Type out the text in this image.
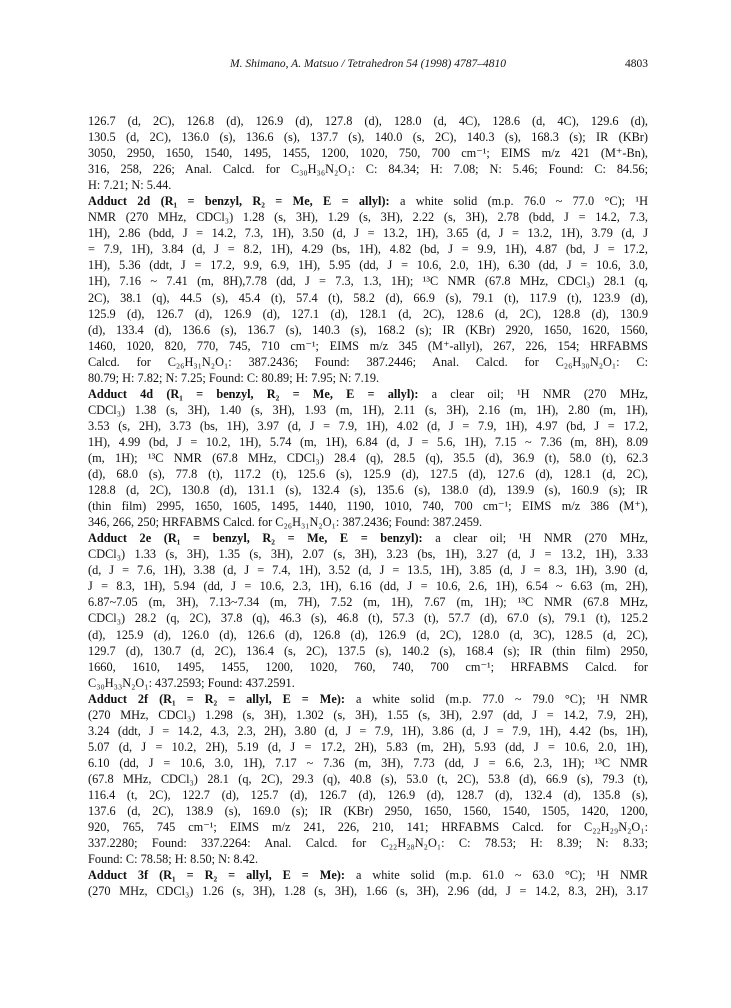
M. Shimano, A. Matsuo / Tetrahedron 54 (1998) 4787–4810	4803
126.7 (d, 2C), 126.8 (d), 126.9 (d), 127.8 (d), 128.0 (d, 4C), 128.6 (d, 4C), 129.6 (d),
130.5 (d, 2C), 136.0 (s), 136.6 (s), 137.7 (s), 140.0 (s, 2C), 140.3 (s), 168.3 (s); IR (KBr)
3050, 2950, 1650, 1540, 1495, 1455, 1200, 1020, 750, 700 cm⁻¹; EIMS m/z 421 (M⁺-Bn),
316, 258, 226; Anal. Calcd. for C₃₀H₃₆N₂O₁: C: 84.34; H: 7.08; N: 5.46; Found: C: 84.56;
H: 7.21; N: 5.44.
Adduct 2d (R₁ = benzyl, R₂ = Me, E = allyl): a white solid (m.p. 76.0 ~ 77.0 °C); ¹H
NMR (270 MHz, CDCl₃) 1.28 (s, 3H), 1.29 (s, 3H), 2.22 (s, 3H), 2.78 (bdd, J = 14.2, 7.3,
1H), 2.86 (bdd, J = 14.2, 7.3, 1H), 3.50 (d, J = 13.2, 1H), 3.65 (d, J = 13.2, 1H), 3.79 (d, J
= 7.9, 1H), 3.84 (d, J = 8.2, 1H), 4.29 (bs, 1H), 4.82 (bd, J = 9.9, 1H), 4.87 (bd, J = 17.2,
1H), 5.36 (ddt, J = 17.2, 9.9, 6.9, 1H), 5.95 (dd, J = 10.6, 2.0, 1H), 6.30 (dd, J = 10.6, 3.0,
1H), 7.16 ~ 7.41 (m, 8H),7.78 (dd, J = 7.3, 1.3, 1H); ¹³C NMR (67.8 MHz, CDCl₃) 28.1 (q,
2C), 38.1 (q), 44.5 (s), 45.4 (t), 57.4 (t), 58.2 (d), 66.9 (s), 79.1 (t), 117.9 (t), 123.9 (d),
125.9 (d), 126.7 (d), 126.9 (d), 127.1 (d), 128.1 (d, 2C), 128.6 (d, 2C), 128.8 (d), 130.9
(d), 133.4 (d), 136.6 (s), 136.7 (s), 140.3 (s), 168.2 (s); IR (KBr) 2920, 1650, 1620, 1560,
1460, 1020, 820, 770, 745, 710 cm⁻¹; EIMS m/z 345 (M⁺-allyl), 267, 226, 154; HRFABMS
Calcd. for C₂₆H₃₁N₂O₁: 387.2436; Found: 387.2446; Anal. Calcd. for C₂₆H₃₀N₂O₁: C:
80.79; H: 7.82; N: 7.25; Found: C: 80.89; H: 7.95; N: 7.19.
Adduct 4d (R₁ = benzyl, R₂ = Me, E = allyl): a clear oil; ¹H NMR (270 MHz,
CDCl₃) 1.38 (s, 3H), 1.40 (s, 3H), 1.93 (m, 1H), 2.11 (s, 3H), 2.16 (m, 1H), 2.80 (m, 1H),
3.53 (s, 2H), 3.73 (bs, 1H), 3.97 (d, J = 7.9, 1H), 4.02 (d, J = 7.9, 1H), 4.97 (bd, J = 17.2,
1H), 4.99 (bd, J = 10.2, 1H), 5.74 (m, 1H), 6.84 (d, J = 5.6, 1H), 7.15 ~ 7.36 (m, 8H), 8.09
(m, 1H); ¹³C NMR (67.8 MHz, CDCl₃) 28.4 (q), 28.5 (q), 35.5 (d), 36.9 (t), 58.0 (t), 62.3
(d), 68.0 (s), 77.8 (t), 117.2 (t), 125.6 (s), 125.9 (d), 127.5 (d), 127.6 (d), 128.1 (d, 2C),
128.8 (d, 2C), 130.8 (d), 131.1 (s), 132.4 (s), 135.6 (s), 138.0 (d), 139.9 (s), 160.9 (s); IR
(thin film) 2995, 1650, 1605, 1495, 1440, 1190, 1010, 740, 700 cm⁻¹; EIMS m/z 386 (M⁺),
346, 266, 250; HRFABMS Calcd. for C₂₆H₃₁N₂O₁: 387.2436; Found: 387.2459.
Adduct 2e (R₁ = benzyl, R₂ = Me, E = benzyl): a clear oil; ¹H NMR (270 MHz,
CDCl₃) 1.33 (s, 3H), 1.35 (s, 3H), 2.07 (s, 3H), 3.23 (bs, 1H), 3.27 (d, J = 13.2, 1H), 3.33
(d, J = 7.6, 1H), 3.38 (d, J = 7.4, 1H), 3.52 (d, J = 13.5, 1H), 3.85 (d, J = 8.3, 1H), 3.90 (d,
J = 8.3, 1H), 5.94 (dd, J = 10.6, 2.3, 1H), 6.16 (dd, J = 10.6, 2.6, 1H), 6.54 ~ 6.63 (m, 2H),
6.87~7.05 (m, 3H), 7.13~7.34 (m, 7H), 7.52 (m, 1H), 7.67 (m, 1H); ¹³C NMR (67.8 MHz,
CDCl₃) 28.2 (q, 2C), 37.8 (q), 46.3 (s), 46.8 (t), 57.3 (t), 57.7 (d), 67.0 (s), 79.1 (t), 125.2
(d), 125.9 (d), 126.0 (d), 126.6 (d), 126.8 (d), 126.9 (d, 2C), 128.0 (d, 3C), 128.5 (d, 2C),
129.7 (d), 130.7 (d, 2C), 136.4 (s, 2C), 137.5 (s), 140.2 (s), 168.4 (s); IR (thin film) 2950,
1660, 1610, 1495, 1455, 1200, 1020, 760, 740, 700 cm⁻¹; HRFABMS Calcd. for
C₃₀H₃₃N₂O₁: 437.2593; Found: 437.2591.
Adduct 2f (R₁ = R₂ = allyl, E = Me): a white solid (m.p. 77.0 ~ 79.0 °C); ¹H NMR
(270 MHz, CDCl₃) 1.298 (s, 3H), 1.302 (s, 3H), 1.55 (s, 3H), 2.97 (dd, J = 14.2, 7.9, 2H),
3.24 (ddt, J = 14.2, 4.3, 2.3, 2H), 3.80 (d, J = 7.9, 1H), 3.86 (d, J = 7.9, 1H), 4.42 (bs, 1H),
5.07 (d, J = 10.2, 2H), 5.19 (d, J = 17.2, 2H), 5.83 (m, 2H), 5.93 (dd, J = 10.6, 2.0, 1H),
6.10 (dd, J = 10.6, 3.0, 1H), 7.17 ~ 7.36 (m, 3H), 7.73 (dd, J = 6.6, 2.3, 1H); ¹³C NMR
(67.8 MHz, CDCl₃) 28.1 (q, 2C), 29.3 (q), 40.8 (s), 53.0 (t, 2C), 53.8 (d), 66.9 (s), 79.3 (t),
116.4 (t, 2C), 122.7 (d), 125.7 (d), 126.7 (d), 126.9 (d), 128.7 (d), 132.4 (d), 135.8 (s),
137.6 (d, 2C), 138.9 (s), 169.0 (s); IR (KBr) 2950, 1650, 1560, 1540, 1505, 1420, 1200,
920, 765, 745 cm⁻¹; EIMS m/z 241, 226, 210, 141; HRFABMS Calcd. for C₂₂H₂₉N₂O₁:
337.2280; Found: 337.2264: Anal. Calcd. for C₂₂H₂₈N₂O₁: C: 78.53; H: 8.39; N: 8.33;
Found: C: 78.58; H: 8.50; N: 8.42.
Adduct 3f (R₁ = R₂ = allyl, E = Me): a white solid (m.p. 61.0 ~ 63.0 °C); ¹H NMR
(270 MHz, CDCl₃) 1.26 (s, 3H), 1.28 (s, 3H), 1.66 (s, 3H), 2.96 (dd, J = 14.2, 8.3, 2H), 3.17
